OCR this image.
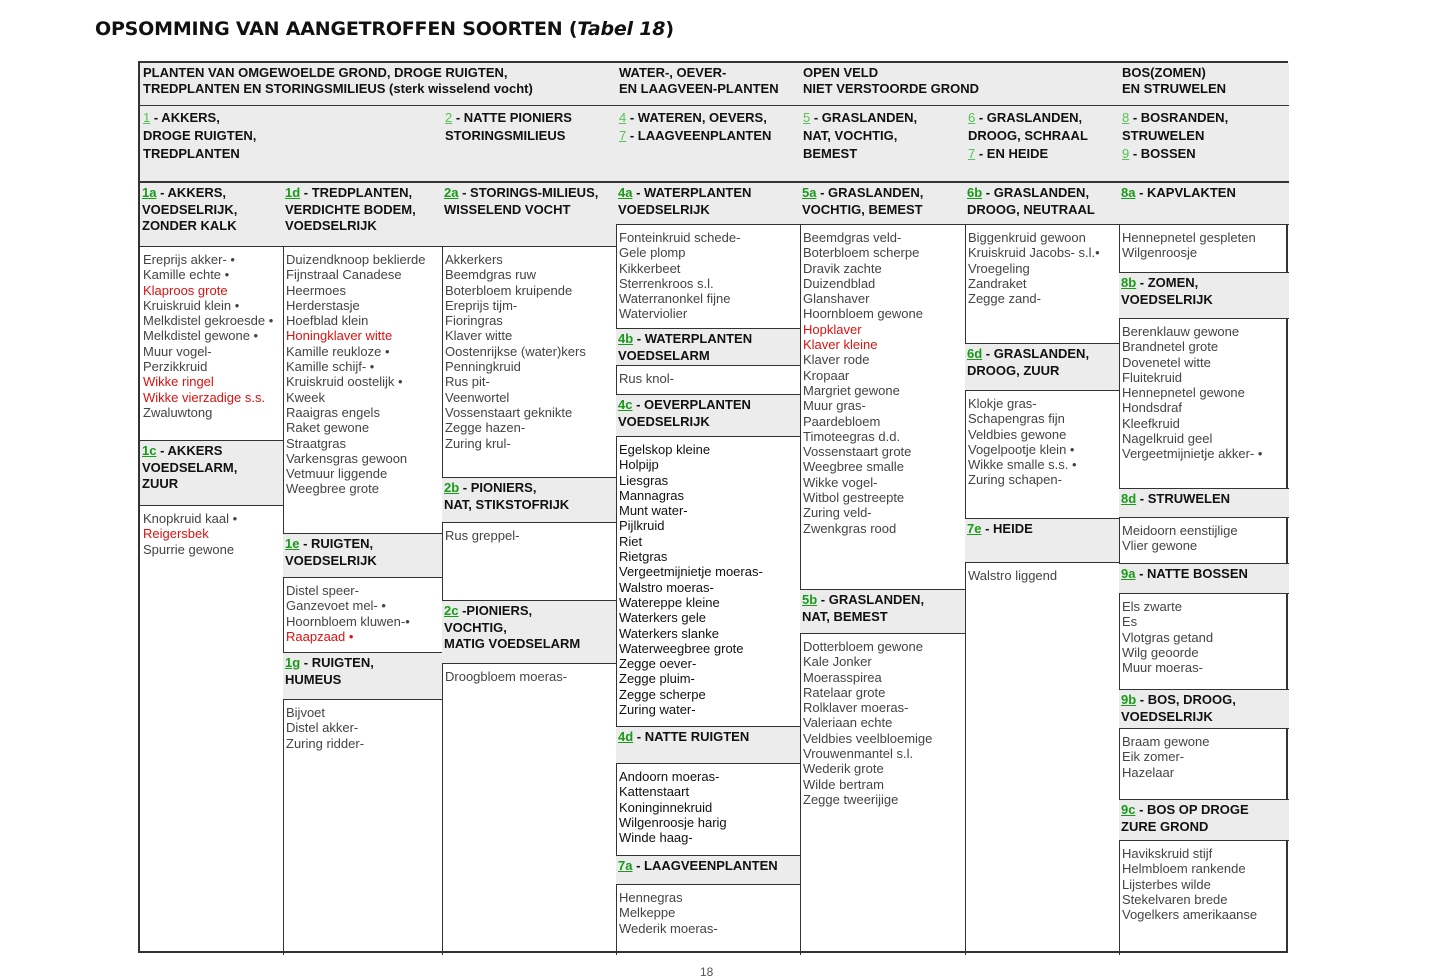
OPSOMMING VAN AANGETROFFEN SOORTEN (Tabel 18)
PLANTEN VAN OMGEWOELDE GROND, DROGE RUIGTEN,
TREDPLANTEN EN STORINGSMILIEUS (sterk wisselend vocht)
WATER-, OEVER-
EN LAAGVEEN-PLANTEN
OPEN VELD
NIET VERSTOORDE GROND
BOS(ZOMEN)
EN STRUWELEN
1 - AKKERS,
DROGE RUIGTEN,
TREDPLANTEN
2 - NATTE PIONIERS
STORINGSMILIEUS
4 - WATEREN, OEVERS,
7 - LAAGVEENPLANTEN
5 - GRASLANDEN,
NAT, VOCHTIG,
BEMEST
6 - GRASLANDEN,
DROOG, SCHRAAL
7 - EN HEIDE
8 - BOSRANDEN,
STRUWELEN
9 - BOSSEN
1a - AKKERS,
VOEDSELRIJK,
ZONDER KALK
Ereprijs akker- •
Kamille echte •
Klaproos grote
Kruiskruid klein •
Melkdistel gekroesde •
Melkdistel gewone •
Muur vogel-
Perzikkruid
Wikke ringel
Wikke vierzadige s.s.
Zwaluwtong
1c - AKKERS
VOEDSELARM,
ZUUR
Knopkruid kaal •
Reigersbek
Spurrie gewone
1d - TREDPLANTEN,
VERDICHTE BODEM,
VOEDSELRIJK
Duizendknoop beklierde
Fijnstraal Canadese
Heermoes
Herderstasje
Hoefblad klein
Honingklaver witte
Kamille reukloze •
Kamille schijf- •
Kruiskruid oostelijk •
Kweek
Raaigras engels
Raket gewone
Straatgras
Varkensgras gewoon
Vetmuur liggende
Weegbree grote
1e - RUIGTEN,
VOEDSELRIJK
Distel speer-
Ganzevoet mel- •
Hoornbloem kluwen-•
Raapzaad •
1g - RUIGTEN,
HUMEUS
Bijvoet
Distel akker-
Zuring ridder-
2a - STORINGS-MILIEUS,
WISSELEND VOCHT
Akkerkers
Beemdgras ruw
Boterbloem kruipende
Ereprijs tijm-
Fioringras
Klaver witte
Oostenrijkse (water)kers
Penningkruid
Rus pit-
Veenwortel
Vossenstaart geknikte
Zegge hazen-
Zuring krul-
2b - PIONIERS,
NAT, STIKSTOFRIJK
Rus greppel-
2c -PIONIERS,
VOCHTIG,
MATIG VOEDSELARM
Droogbloem moeras-
4a - WATERPLANTEN
VOEDSELRIJK
Fonteinkruid schede-
Gele plomp
Kikkerbeet
Sterrenkroos s.l.
Waterranonkel fijne
Waterviolier
4b - WATERPLANTEN
VOEDSELARM
Rus knol-
4c - OEVERPLANTEN
VOEDSELRIJK
Egelskop kleine
Holpijp
Liesgras
Mannagras
Munt water-
Pijlkruid
Riet
Rietgras
Vergeetmijnietje moeras-
Walstro moeras-
Watereppe kleine
Waterkers gele
Waterkers slanke
Waterweegbree grote
Zegge oever-
Zegge pluim-
Zegge scherpe
Zuring water-
4d - NATTE RUIGTEN
Andoorn moeras-
Kattenstaart
Koninginnekruid
Wilgenroosje harig
Winde haag-
7a - LAAGVEENPLANTEN
Hennegras
Melkeppe
Wederik moeras-
5a - GRASLANDEN,
VOCHTIG, BEMEST
Beemdgras veld-
Boterbloem scherpe
Dravik zachte
Duizendblad
Glanshaver
Hoornbloem gewone
Hopklaver
Klaver kleine
Klaver rode
Kropaar
Margriet gewone
Muur gras-
Paardebloem
Timoteegras d.d.
Vossenstaart grote
Weegbree smalle
Wikke vogel-
Witbol gestreepte
Zuring veld-
Zwenkgras rood
5b - GRASLANDEN,
NAT, BEMEST
Dotterbloem gewone
Kale Jonker
Moerasspirea
Ratelaar grote
Rolklaver moeras-
Valeriaan echte
Veldbies veelbloemige
Vrouwenmantel s.l.
Wederik grote
Wilde bertram
Zegge tweerijige
6b - GRASLANDEN,
DROOG, NEUTRAAL
Biggenkruid gewoon
Kruiskruid Jacobs- s.l.•
Vroegeling
Zandraket
Zegge zand-
6d - GRASLANDEN,
DROOG, ZUUR
Klokje gras-
Schapengras fijn
Veldbies gewone
Vogelpootje klein •
Wikke smalle s.s. •
Zuring schapen-
7e - HEIDE
Walstro liggend
8a - KAPVLAKTEN
Hennepnetel gespleten
Wilgenroosje
8b - ZOMEN,
VOEDSELRIJK
Berenklauw gewone
Brandnetel grote
Dovenetel witte
Fluitekruid
Hennepnetel gewone
Hondsdraf
Kleefkruid
Nagelkruid geel
Vergeetmijnietje akker- •
8d - STRUWELEN
Meidoorn eenstijlige
Vlier gewone
9a - NATTE BOSSEN
Els zwarte
Es
Vlotgras getand
Wilg geoorde
Muur moeras-
9b - BOS, DROOG,
VOEDSELRIJK
Braam gewone
Eik zomer-
Hazelaar
9c - BOS OP DROGE
ZURE GROND
Havikskruid stijf
Helmbloem rankende
Lijsterbes wilde
Stekelvaren brede
Vogelkers amerikaanse
18
